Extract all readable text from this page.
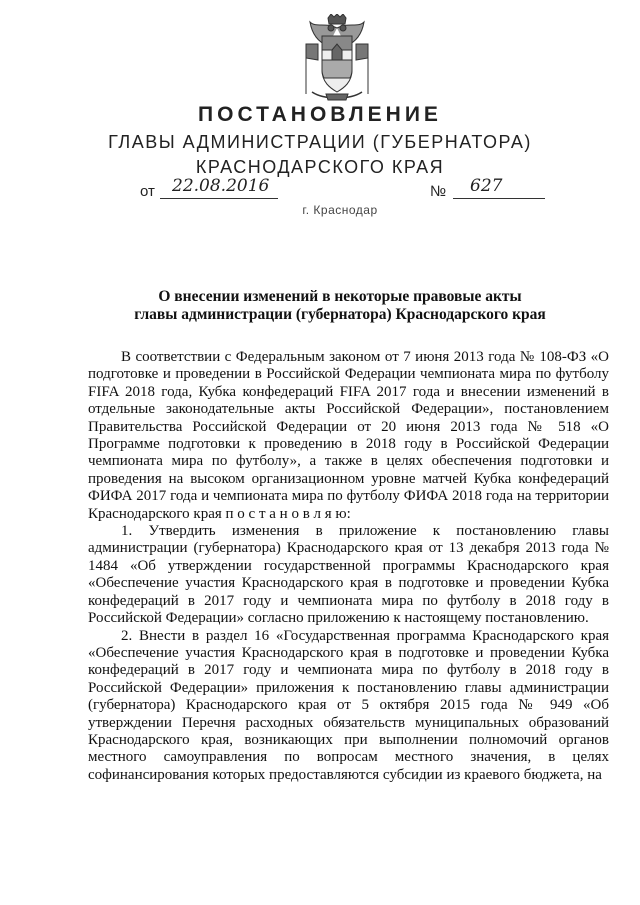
ПОСТАНОВЛЕНИЕ
ГЛАВЫ АДМИНИСТРАЦИИ (ГУБЕРНАТОРА)
КРАСНОДАРСКОГО КРАЯ
от 22.08.2016	№ 627
г. Краснодар
О внесении изменений в некоторые правовые акты
главы администрации (губернатора) Краснодарского края

В соответствии с Федеральным законом от 7 июня 2013 года № 108-ФЗ «О подготовке и проведении в Российской Федерации чемпионата мира по футболу FIFA 2018 года, Кубка конфедераций FIFA 2017 года и внесении изменений в отдельные законодательные акты Российской Федерации», постановлением Правительства Российской Федерации от 20 июня 2013 года № 518 «О Программе подготовки к проведению в 2018 году в Российской Федерации чемпионата мира по футболу», а также в целях обеспечения подготовки и проведения на высоком организационном уровне матчей Кубка конфедераций ФИФА 2017 года и чемпионата мира по футболу ФИФА 2018 года на территории Краснодарского края п о с т а н о в л я ю:

1. Утвердить изменения в приложение к постановлению главы администрации (губернатора) Краснодарского края от 13 декабря 2013 года № 1484 «Об утверждении государственной программы Краснодарского края «Обеспечение участия Краснодарского края в подготовке и проведении Кубка конфедераций в 2017 году и чемпионата мира по футболу в 2018 году в Российской Федерации» согласно приложению к настоящему постановлению.

2. Внести в раздел 16 «Государственная программа Краснодарского края «Обеспечение участия Краснодарского края в подготовке и проведении Кубка конфедераций в 2017 году и чемпионата мира по футболу в 2018 году в Российской Федерации» приложения к постановлению главы администрации (губернатора) Краснодарского края от 5 октября 2015 года № 949 «Об утверждении Перечня расходных обязательств муниципальных образований Краснодарского края, возникающих при выполнении полномочий органов местного самоуправления по вопросам местного значения, в целях софинансирования которых предоставляются субсидии из краевого бюджета, на
